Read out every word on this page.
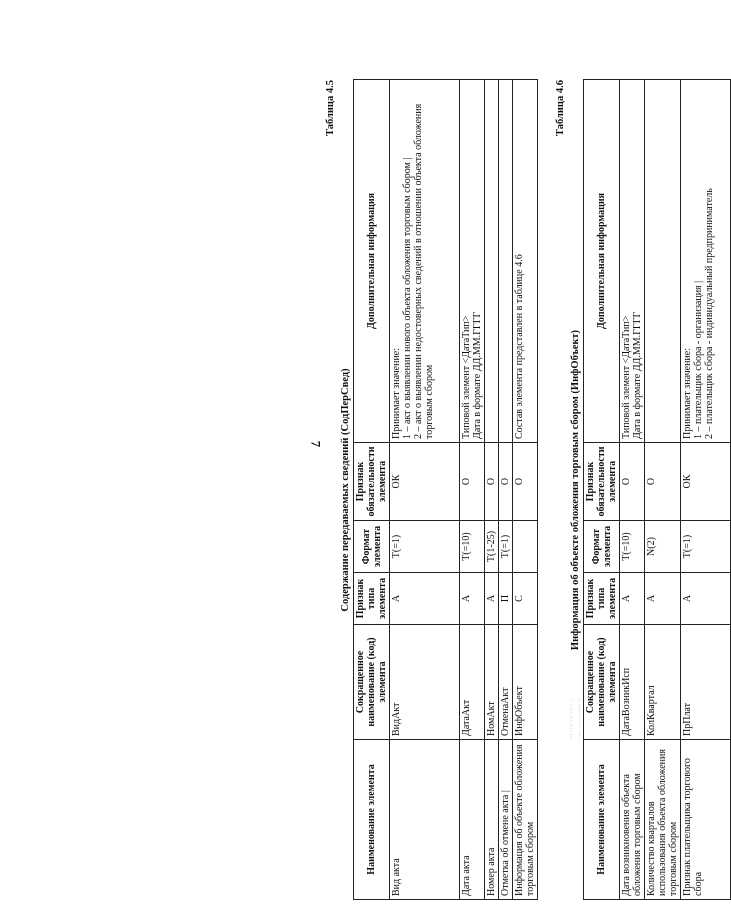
7
Таблица 4.5
Содержание передаваемых сведений (СодПерСвед)
Наименование элемента	Сокращенное наименование (код) элемента	Признак типа элемента	Формат элемента	Признак обязательности элемента	Дополнительная информация
Вид акта	ВидАкт	А	T(=1)	ОК	Принимает значение: 1 – акт о выявлении нового объекта обложения торговым сбором | 2 – акт о выявлении недостоверных сведений в отношении объекта обложения торговым сбором

Дата акта	ДатаАкт	А	T(=10)	О	Типовой элемент <ДатаТип> Дата в формате ДД.ММ.ГГГГ

Номер акта	НомАкт	А	T(1-25)	О	
Отметка об отмене акта |	ОтменаАкт	П	T(=1)	О	
Информация об объекте обложения торговым сбором	ИнфОбъект	С		О	Состав элемента представлен в таблице 4.6
Таблица 4.6
Информация об объекте обложения торговым сбором (ИнфОбъект)
Наименование элемента	Сокращенное наименование (код) элемента	Признак типа элемента	Формат элемента	Признак обязательности элемента	Дополнительная информация
Дата возникновения объекта обложения торговым сбором	ДатаВозникИсп	А	T(=10)	О	Типовой элемент <ДатаТип> Дата в формате ДД.ММ.ГГГГ

Количество кварталов использования объекта обложения торговым сбором	КолКвартал	А	N(2)	О	
Признак плательщика торгового сбора	ПрПлат	А	T(=1)	ОК	Принимает значение: 1 – плательщик сбора - организация | 2 – плательщик сбора - индивидуальный предприниматель
··· ···· ··· ··· · · · ··· · ····· ···· ··
